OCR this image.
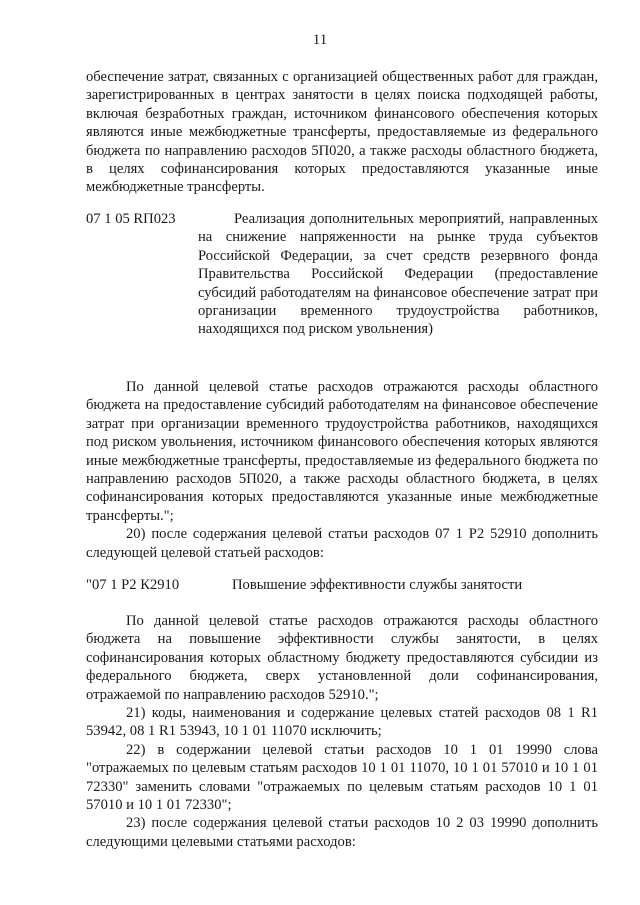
11

обеспечение затрат, связанных с организацией общественных работ для граждан, зарегистрированных в центрах занятости в целях поиска подходящей работы, включая безработных граждан, источником финансового обеспечения которых являются иные межбюджетные трансферты, предоставляемые из федерального бюджета по направлению расходов 5П020, а также расходы областного бюджета, в целях софинансирования которых предоставляются указанные иные межбюджетные трансферты.

07 1 05 RП023	Реализация дополнительных мероприятий, направленных на снижение напряженности на рынке труда субъектов Российской Федерации, за счет средств резервного фонда Правительства Российской Федерации (предоставление субсидий работодателям на финансовое обеспечение затрат при организации временного трудоустройства работников, находящихся под риском увольнения)

По данной целевой статье расходов отражаются расходы областного бюджета на предоставление субсидий работодателям на финансовое обеспечение затрат при организации временного трудоустройства работников, находящихся под риском увольнения, источником финансового обеспечения которых являются иные межбюджетные трансферты, предоставляемые из федерального бюджета по направлению расходов 5П020, а также расходы областного бюджета, в целях софинансирования которых предоставляются указанные иные межбюджетные трансферты.";

20) после содержания целевой статьи расходов 07 1 Р2 52910 дополнить следующей целевой статьей расходов:

"07 1 Р2 К2910	Повышение эффективности службы занятости

По данной целевой статье расходов отражаются расходы областного бюджета на повышение эффективности службы занятости, в целях софинансирования которых областному бюджету предоставляются субсидии из федерального бюджета, сверх установленной доли софинансирования, отражаемой по направлению расходов 52910.";

21) коды, наименования и содержание целевых статей расходов 08 1 R1 53942, 08 1 R1 53943, 10 1 01 11070 исключить;

22) в содержании целевой статьи расходов 10 1 01 19990 слова "отражаемых по целевым статьям расходов 10 1 01 11070, 10 1 01 57010 и 10 1 01 72330" заменить словами "отражаемых по целевым статьям расходов 10 1 01 57010 и 10 1 01 72330";

23) после содержания целевой статьи расходов 10 2 03 19990 дополнить следующими целевыми статьями расходов:
